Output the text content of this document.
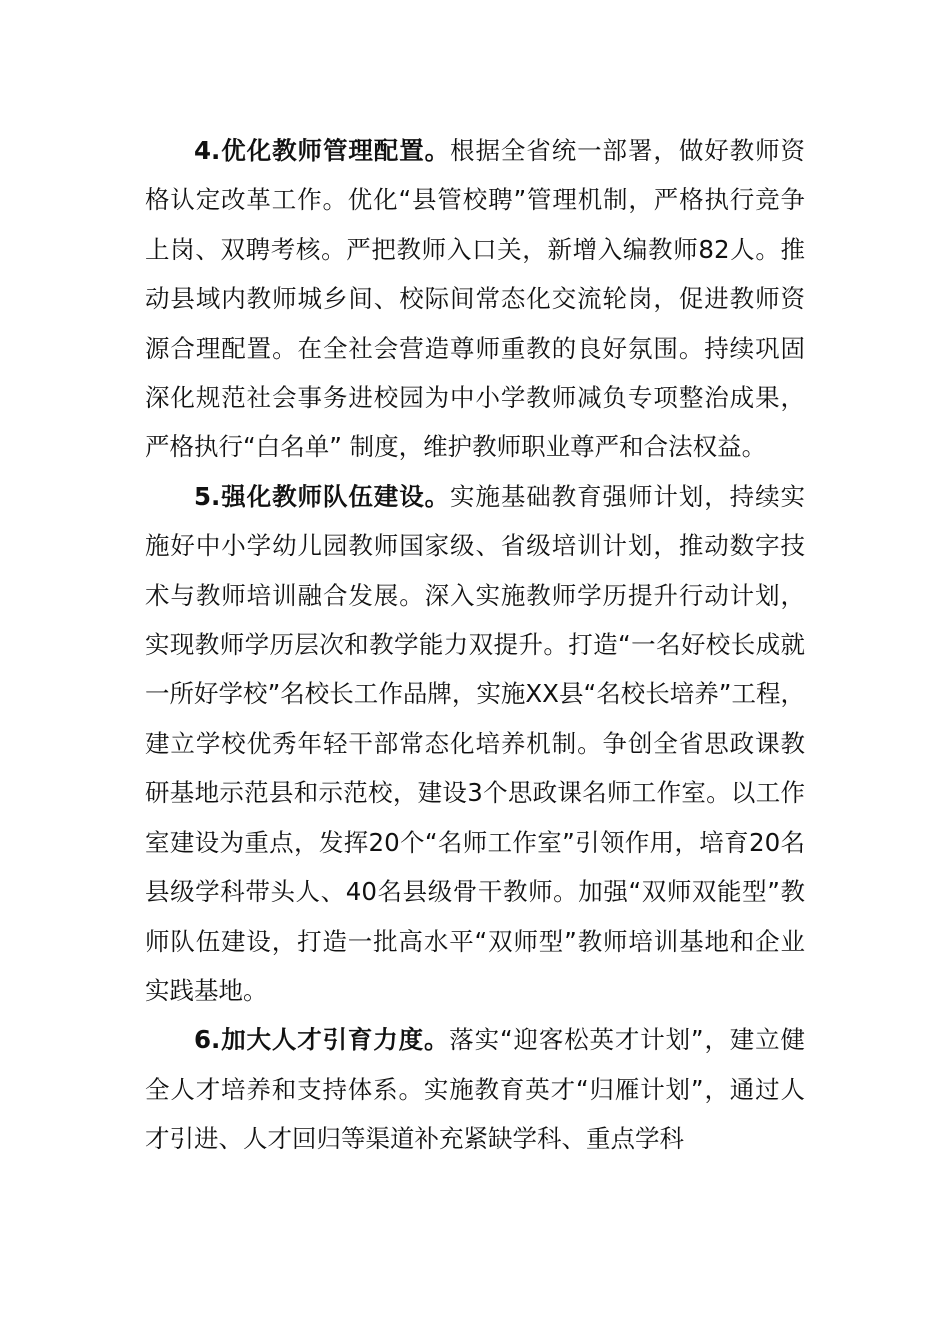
4.优化教师管理配置。根据全省统一部署，做好教师资格认定改革工作。优化“县管校聘”管理机制，严格执行竞争上岗、双聘考核。严把教师入口关，新增入编教师82人。推动县域内教师城乡间、校际间常态化交流轮岗，促进教师资源合理配置。在全社会营造尊师重教的良好氛围。持续巩固深化规范社会事务进校园为中小学教师减负专项整治成果，严格执行“白名单” 制度，维护教师职业尊严和合法权益。

5.强化教师队伍建设。实施基础教育强师计划，持续实施好中小学幼儿园教师国家级、省级培训计划，推动数字技术与教师培训融合发展。深入实施教师学历提升行动计划，实现教师学历层次和教学能力双提升。打造“一名好校长成就一所好学校”名校长工作品牌，实施XX县“名校长培养”工程，建立学校优秀年轻干部常态化培养机制。争创全省思政课教研基地示范县和示范校，建设3个思政课名师工作室。以工作室建设为重点，发挥20个“名师工作室”引领作用，培育20名县级学科带头人、40名县级骨干教师。加强“双师双能型”教师队伍建设，打造一批高水平“双师型”教师培训基地和企业实践基地。

6.加大人才引育力度。落实“迎客松英才计划”，建立健全人才培养和支持体系。实施教育英才“归雁计划”，通过人才引进、人才回归等渠道补充紧缺学科、重点学科
